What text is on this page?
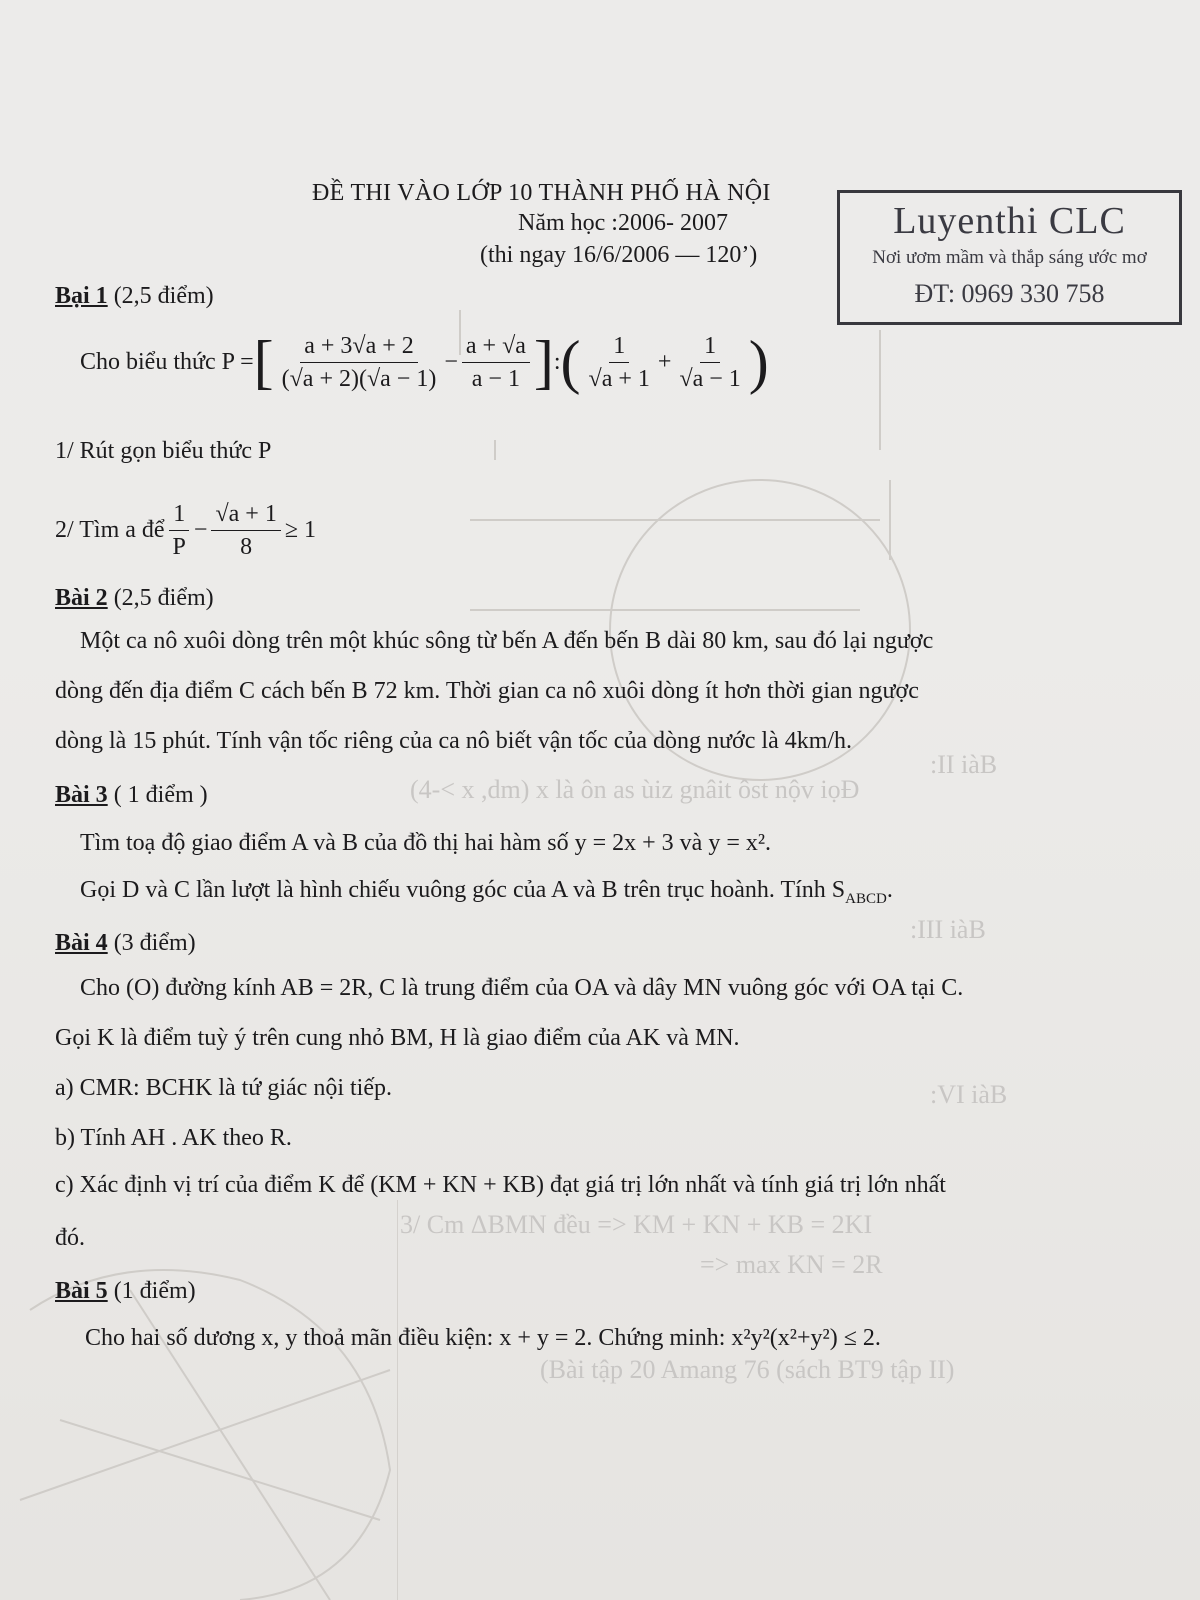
:II iàB
(4-< x ,dm) x là ôn as ùiz gnâit ôst nộv iọĐ
:III iàB
:VI iàB
3/ Cm ΔBMN đều => KM + KN + KB = 2KI
=> max KN = 2R
(Bài tập 20 Amang 76 (sách BT9 tập II)
ĐỀ THI VÀO LỚP 10 THÀNH PHỐ HÀ NỘI
Năm học :2006- 2007
(thi ngay 16/6/2006 — 120’)
Luyenthi CLC
Nơi ươm mầm và thắp sáng ước mơ
ĐT: 0969 330 758
Bại 1 (2,5 điểm)
Cho biểu thức P = [ $\frac{a + 3√a + 2}{(√a + 2)(√a - 1)} - \frac{a + √a}{a - 1}$ ] : ( $\frac{1}{√a + 1} + \frac{1}{√a - 1}$ )
1/ Rút gọn biểu thức P
2/ Tìm a để $\frac{1}{P} - \frac{√a + 1}{8} \ge 1$
Bài 2 (2,5 điểm)
Một ca nô xuôi dòng trên một khúc sông từ bến A đến bến B dài 80 km, sau đó lại ngược
dòng đến địa điểm C cách bến B 72 km. Thời gian ca nô xuôi dòng ít hơn thời gian ngược
dòng là 15 phút. Tính vận tốc riêng của ca nô biết vận tốc của dòng nước là 4km/h.
Bài 3 ( 1 điểm )
Tìm toạ độ giao điểm A và B của đồ thị hai hàm số y = 2x + 3 và y = x².
Gọi D và C lần lượt là hình chiếu vuông góc của A và B trên trục hoành. Tính $S_{ABCD}$.
Bài 4 (3 điểm)
Cho (O) đường kính AB = 2R, C là trung điểm của OA và dây MN vuông góc với OA tại C.
Gọi K là điểm tuỳ ý trên cung nhỏ BM, H là giao điểm của AK và MN.
a) CMR: BCHK là tứ giác nội tiếp.
b) Tính AH . AK theo R.
c) Xác định vị trí của điểm K để (KM + KN + KB) đạt giá trị lớn nhất và tính giá trị lớn nhất
đó.
Bài 5 (1 điểm)
Cho hai số dương x, y thoả mãn điều kiện: x + y = 2. Chứng minh: x²y²(x²+y²) ≤ 2.
